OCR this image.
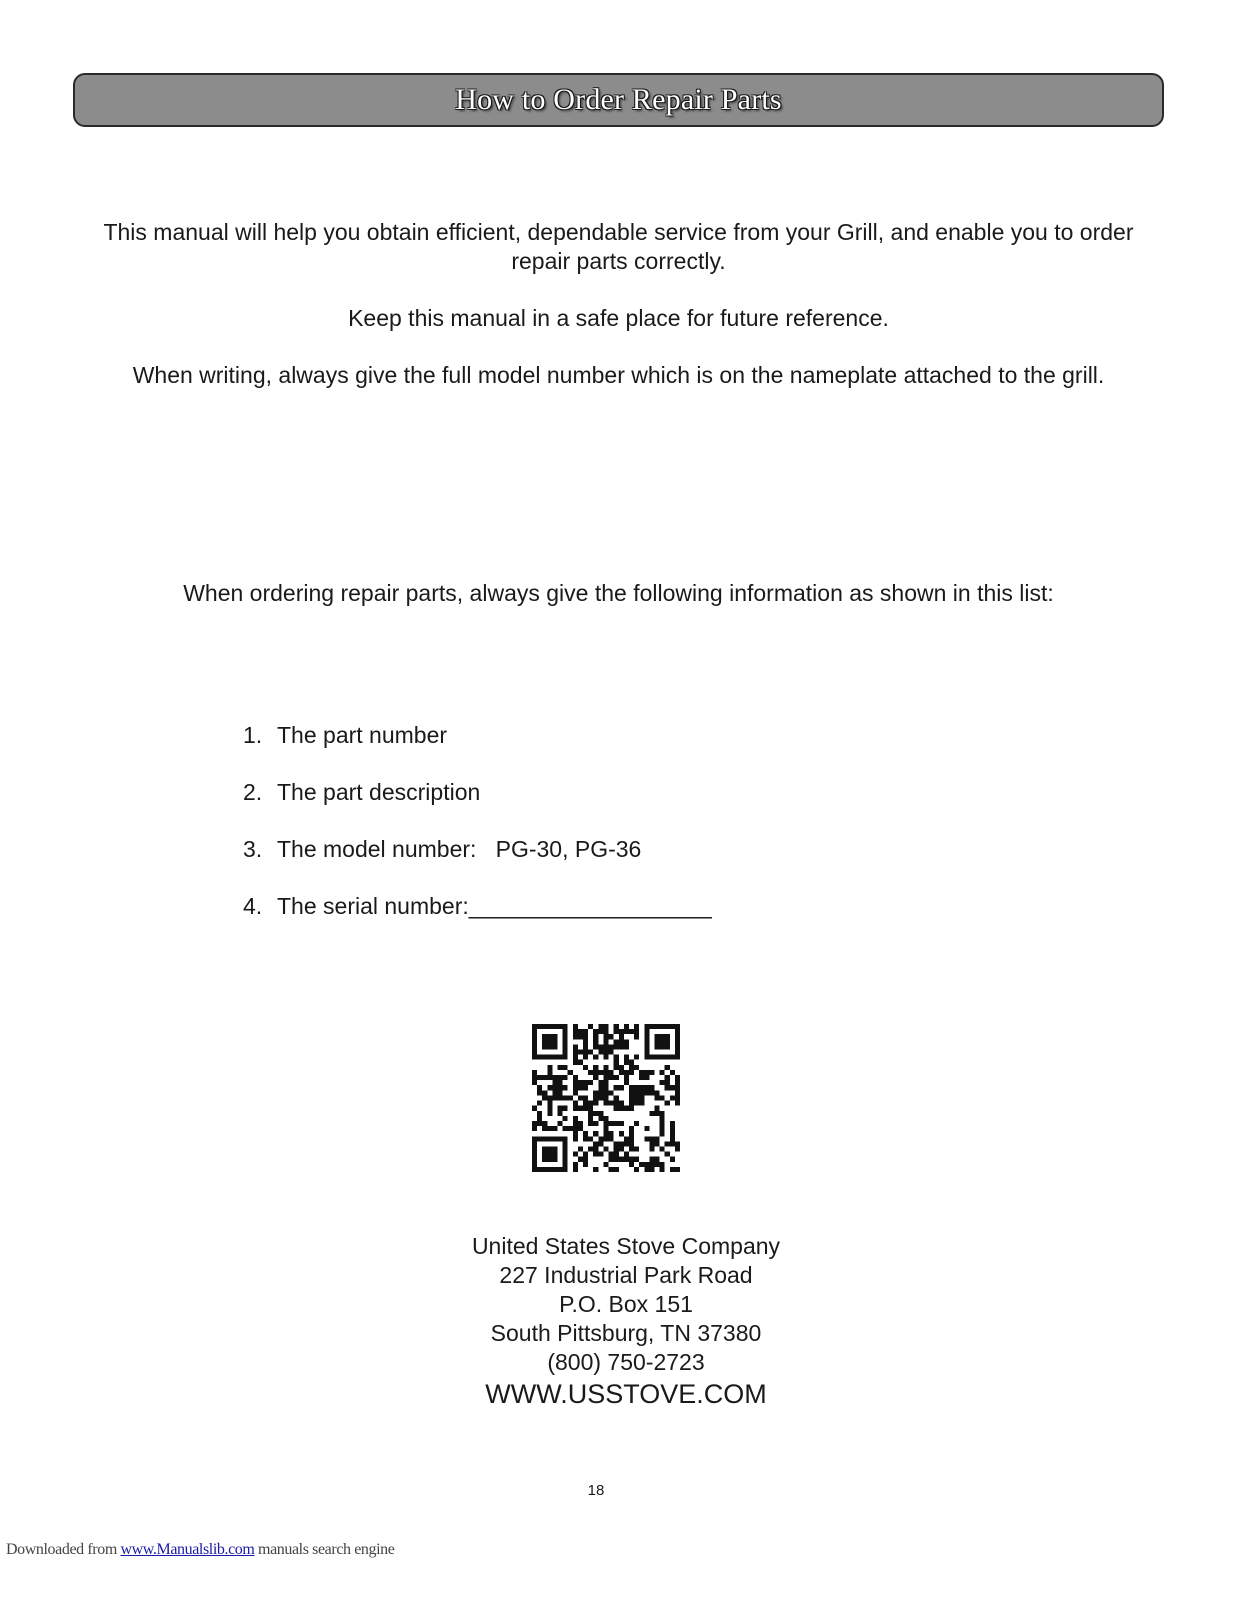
How to Order Repair Parts

This manual will help you obtain efficient, dependable service from your Grill, and enable you to order repair parts correctly.

Keep this manual in a safe place for future reference.

When writing, always give the full model number which is on the nameplate attached to the grill.

When ordering repair parts, always give the following information as shown in this list:

1. The part number
2. The part description
3. The model number:   PG-30, PG-36
4. The serial number:___________________
United States Stove Company
227 Industrial Park Road
P.O. Box 151
South Pittsburg, TN 37380
(800) 750-2723
WWW.USSTOVE.COM
18
Downloaded from www.Manualslib.com manuals search engine
